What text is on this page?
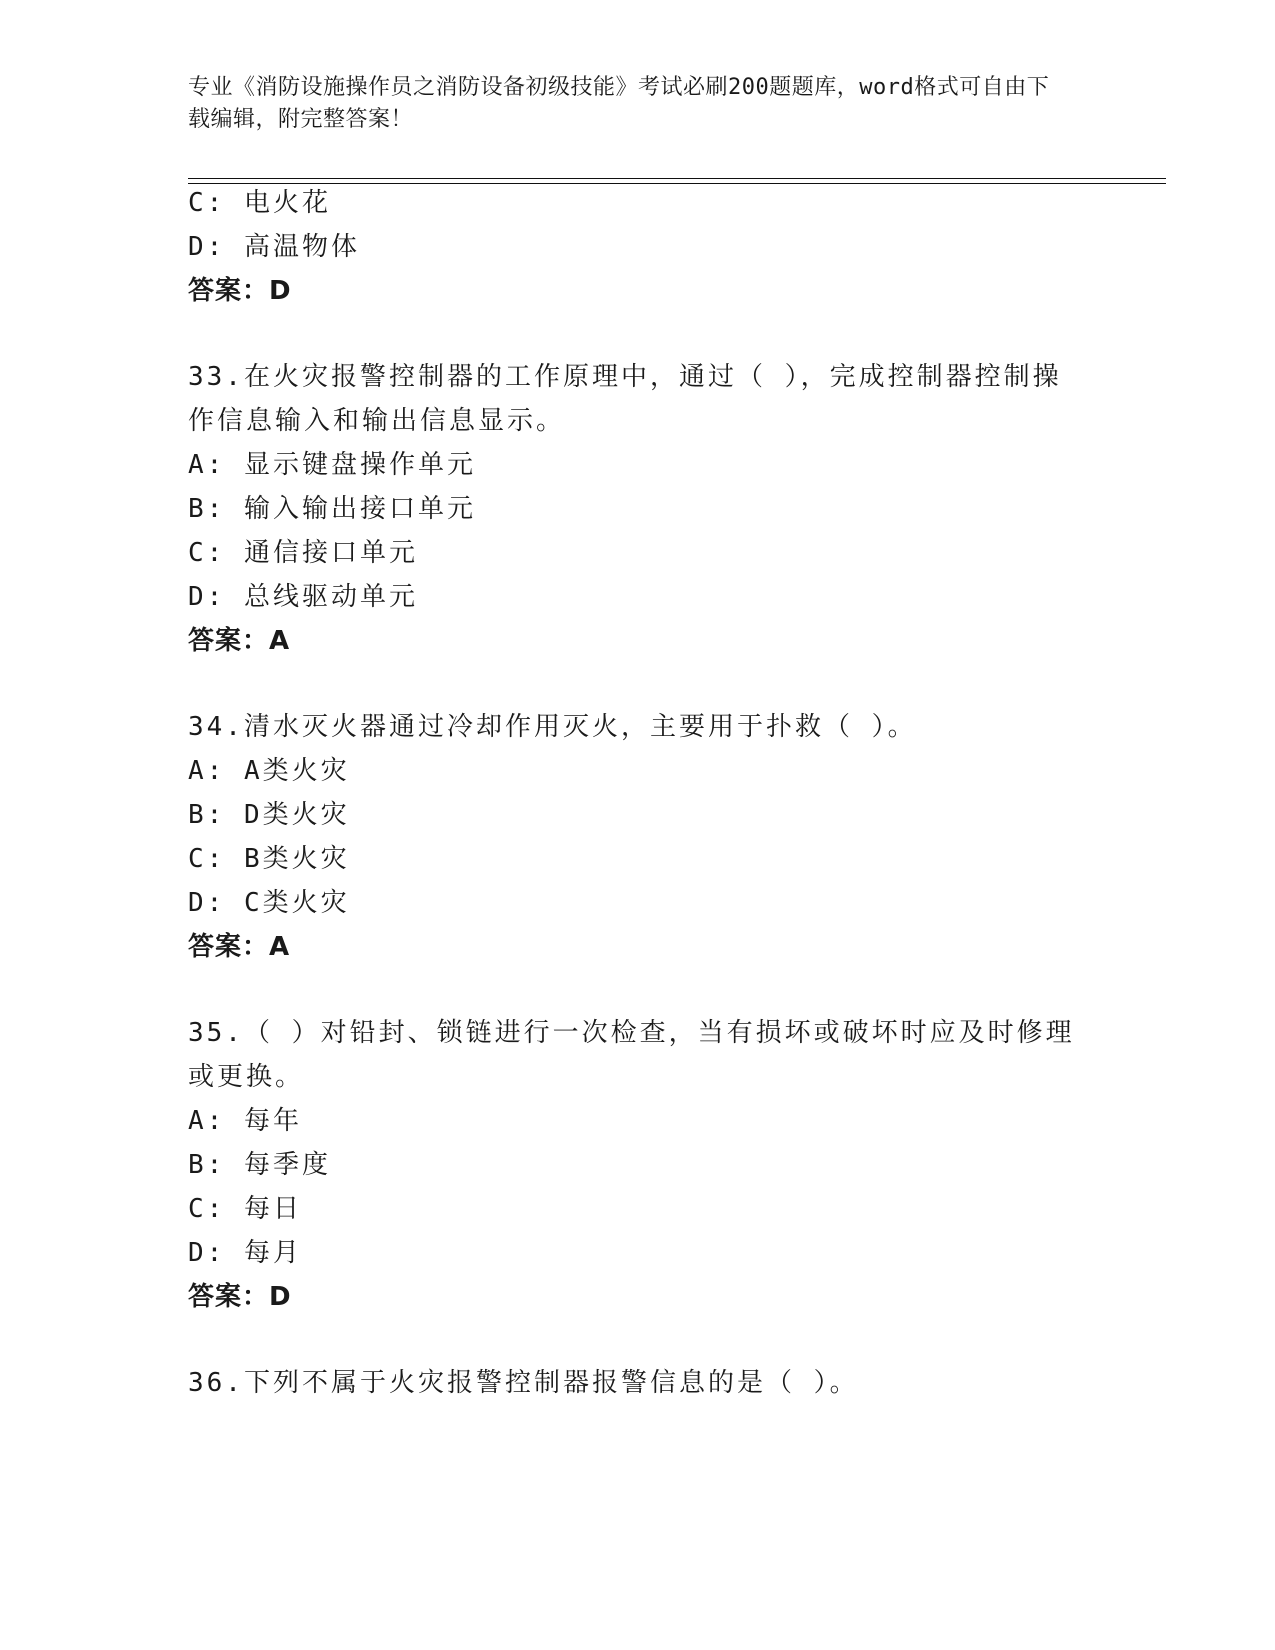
专业《消防设施操作员之消防设备初级技能》考试必刷200题题库，word格式可自由下载编辑，附完整答案！
C: 电火花
D: 高温物体
答案：D
33.在火灾报警控制器的工作原理中，通过（ ），完成控制器控制操
作信息输入和输出信息显示。
A: 显示键盘操作单元
B: 输入输出接口单元
C: 通信接口单元
D: 总线驱动单元
答案：A
34.清水灭火器通过冷却作用灭火，主要用于扑救（ ）。
A: A类火灾
B: D类火灾
C: B类火灾
D: C类火灾
答案：A
35.（ ）对铅封、锁链进行一次检查，当有损坏或破坏时应及时修理
或更换。
A: 每年
B: 每季度
C: 每日
D: 每月
答案：D
36.下列不属于火灾报警控制器报警信息的是（ ）。
